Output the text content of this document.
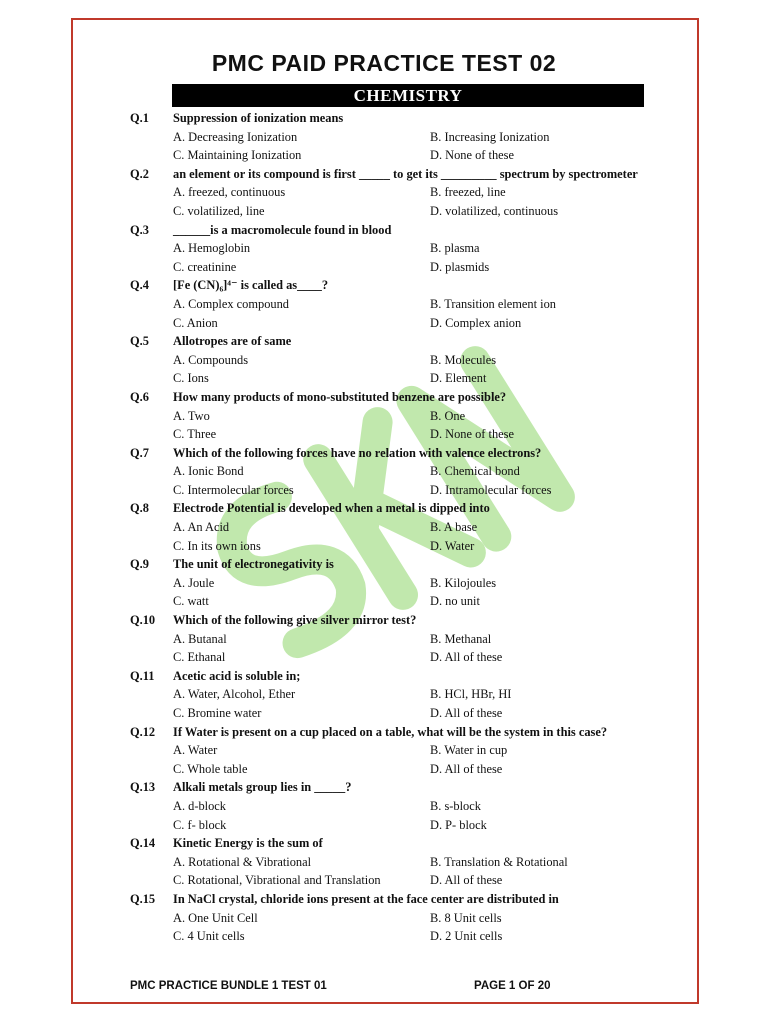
PMC PAID PRACTICE TEST 02
CHEMISTRY
Q.1	Suppression of ionization means
A. Decreasing Ionization	B. Increasing Ionization
C. Maintaining Ionization	D. None of these
Q.2	an element or its compound is first _____ to get its _________ spectrum by spectrometer
A. freezed, continuous	B. freezed, line
C. volatilized, line	D. volatilized, continuous
Q.3	______is a macromolecule found in blood
A. Hemoglobin	B. plasma
C. creatinine	D. plasmids
Q.4	[Fe (CN)₆]⁴⁻ is called as____?
A. Complex compound	B. Transition element ion
C. Anion	D. Complex anion
Q.5	Allotropes are of same
A. Compounds	B. Molecules
C. Ions	D. Element
Q.6	How many products of mono-substituted benzene are possible?
A. Two	B. One
C. Three	D. None of these
Q.7	Which of the following forces have no relation with valence electrons?
A. Ionic Bond	B. Chemical bond
C. Intermolecular forces	D. Intramolecular forces
Q.8	Electrode Potential is developed when a metal is dipped into
A. An Acid	B. A base
C. In its own ions	D. Water
Q.9	The unit of electronegativity is
A. Joule	B. Kilojoules
C. watt	D. no unit
Q.10	Which of the following give silver mirror test?
A. Butanal	B. Methanal
C. Ethanal	D. All of these
Q.11	Acetic acid is soluble in;
A. Water, Alcohol, Ether	B. HCl, HBr, HI
C. Bromine water	D. All of these
Q.12	If Water is present on a cup placed on a table, what will be the system in this case?
A. Water	B. Water in cup
C. Whole table	D. All of these
Q.13	Alkali metals group lies in _____?
A. d-block	B. s-block
C. f- block	D. P- block
Q.14	Kinetic Energy is the sum of
A. Rotational & Vibrational	B. Translation & Rotational
C. Rotational, Vibrational and Translation	D. All of these
Q.15	In NaCl crystal, chloride ions present at the face center are distributed in
A. One Unit Cell	B. 8 Unit cells
C. 4 Unit cells	D. 2 Unit cells
PMC PRACTICE BUNDLE 1 TEST 01	PAGE 1 OF 20
